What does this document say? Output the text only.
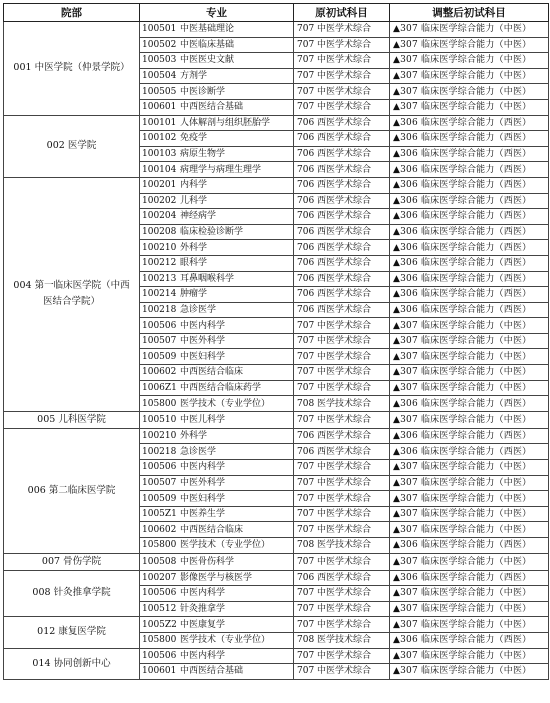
院部	专业	原初试科目	调整后初试科目
001 中医学院（仲景学院）	100501 中医基础理论	707 中医学术综合	▲307 临床医学综合能力（中医）
	100502 中医临床基础	707 中医学术综合	▲307 临床医学综合能力（中医）
	100503 中医医史文献	707 中医学术综合	▲307 临床医学综合能力（中医）
	100504 方剂学	707 中医学术综合	▲307 临床医学综合能力（中医）
	100505 中医诊断学	707 中医学术综合	▲307 临床医学综合能力（中医）
	100601 中西医结合基础	707 中医学术综合	▲307 临床医学综合能力（中医）
002 医学院	100101 人体解剖与组织胚胎学	706 西医学术综合	▲306 临床医学综合能力（西医）
	100102 免疫学	706 西医学术综合	▲306 临床医学综合能力（西医）
	100103 病原生物学	706 西医学术综合	▲306 临床医学综合能力（西医）
	100104 病理学与病理生理学	706 西医学术综合	▲306 临床医学综合能力（西医）
004 第一临床医学院（中西医结合学院）	100201 内科学	706 西医学术综合	▲306 临床医学综合能力（西医）
	100202 儿科学	706 西医学术综合	▲306 临床医学综合能力（西医）
	100204 神经病学	706 西医学术综合	▲306 临床医学综合能力（西医）
	100208 临床检验诊断学	706 西医学术综合	▲306 临床医学综合能力（西医）
	100210 外科学	706 西医学术综合	▲306 临床医学综合能力（西医）
	100212 眼科学	706 西医学术综合	▲306 临床医学综合能力（西医）
	100213 耳鼻咽喉科学	706 西医学术综合	▲306 临床医学综合能力（西医）
	100214 肿瘤学	706 西医学术综合	▲306 临床医学综合能力（西医）
	100218 急诊医学	706 西医学术综合	▲306 临床医学综合能力（西医）
	100506 中医内科学	707 中医学术综合	▲307 临床医学综合能力（中医）
	100507 中医外科学	707 中医学术综合	▲307 临床医学综合能力（中医）
	100509 中医妇科学	707 中医学术综合	▲307 临床医学综合能力（中医）
	100602 中西医结合临床	707 中医学术综合	▲307 临床医学综合能力（中医）
	1006Z1 中西医结合临床药学	707 中医学术综合	▲307 临床医学综合能力（中医）
	105800 医学技术（专业学位）	708 医学技术综合	▲306 临床医学综合能力（西医）
005 儿科医学院	100510 中医儿科学	707 中医学术综合	▲307 临床医学综合能力（中医）
006 第二临床医学院	100210 外科学	706 西医学术综合	▲306 临床医学综合能力（西医）
	100218 急诊医学	706 西医学术综合	▲306 临床医学综合能力（西医）
	100506 中医内科学	707 中医学术综合	▲307 临床医学综合能力（中医）
	100507 中医外科学	707 中医学术综合	▲307 临床医学综合能力（中医）
	100509 中医妇科学	707 中医学术综合	▲307 临床医学综合能力（中医）
	1005Z1 中医养生学	707 中医学术综合	▲307 临床医学综合能力（中医）
	100602 中西医结合临床	707 中医学术综合	▲307 临床医学综合能力（中医）
	105800 医学技术（专业学位）	708 医学技术综合	▲306 临床医学综合能力（西医）
007 骨伤学院	100508 中医骨伤科学	707 中医学术综合	▲307 临床医学综合能力（中医）
008 针灸推拿学院	100207 影像医学与核医学	706 西医学术综合	▲306 临床医学综合能力（西医）
	100506 中医内科学	707 中医学术综合	▲307 临床医学综合能力（中医）
	100512 针灸推拿学	707 中医学术综合	▲307 临床医学综合能力（中医）
012 康复医学院	1005Z2 中医康复学	707 中医学术综合	▲307 临床医学综合能力（中医）
	105800 医学技术（专业学位）	708 医学技术综合	▲306 临床医学综合能力（西医）
014 协同创新中心	100506 中医内科学	707 中医学术综合	▲307 临床医学综合能力（中医）
	100601 中西医结合基础	707 中医学术综合	▲307 临床医学综合能力（中医）
